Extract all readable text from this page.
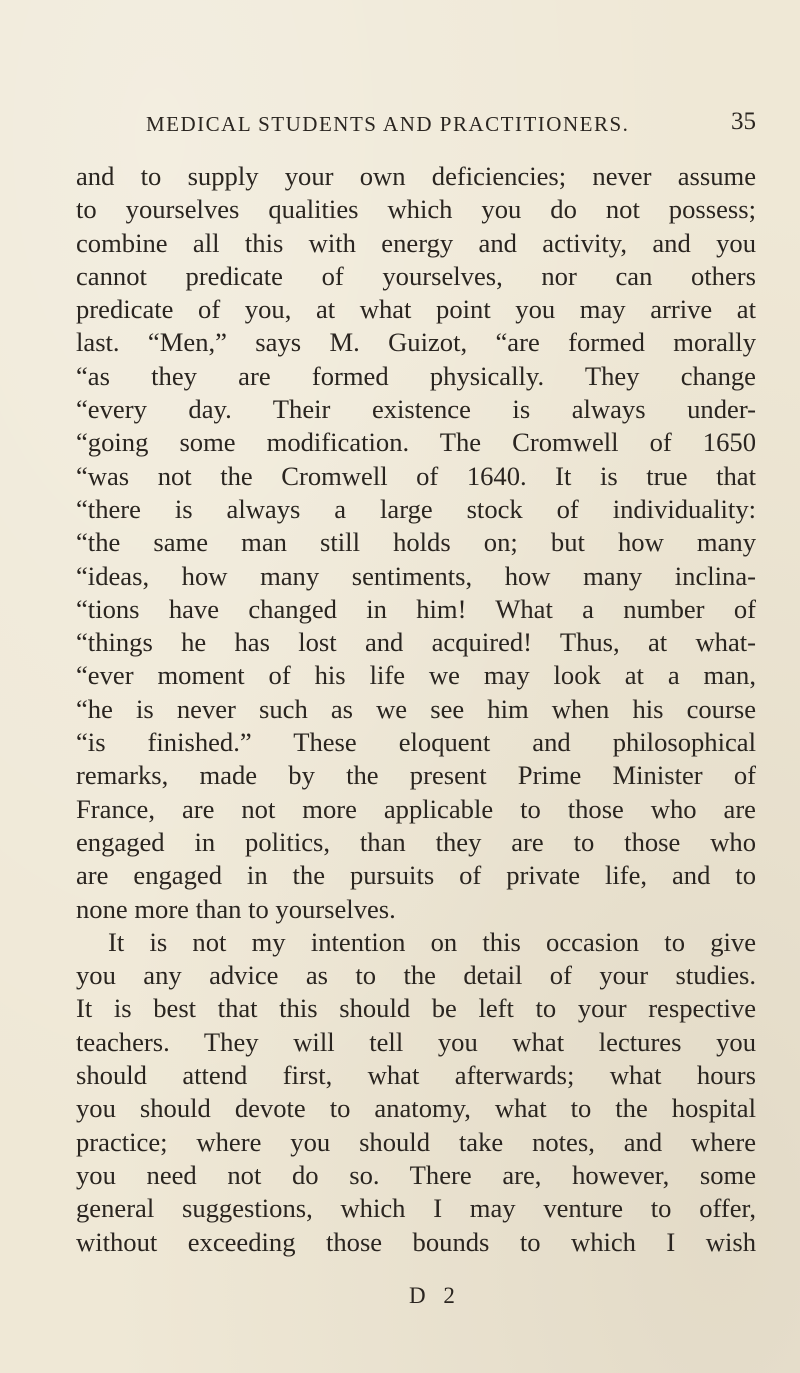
MEDICAL STUDENTS AND PRACTITIONERS.	35
and to supply your own deficiencies; never assume
to yourselves qualities which you do not possess;
combine all this with energy and activity, and you
cannot predicate of yourselves, nor can others
predicate of you, at what point you may arrive at
last. “Men,” says M. Guizot, “are formed morally
“as they are formed physically. They change
“every day. Their existence is always under-
“going some modification. The Cromwell of 1650
“was not the Cromwell of 1640. It is true that
“there is always a large stock of individuality:
“the same man still holds on; but how many
“ideas, how many sentiments, how many inclina-
“tions have changed in him! What a number of
“things he has lost and acquired! Thus, at what-
“ever moment of his life we may look at a man,
“he is never such as we see him when his course
“is finished.” These eloquent and philosophical
remarks, made by the present Prime Minister of
France, are not more applicable to those who are
engaged in politics, than they are to those who
are engaged in the pursuits of private life, and to
none more than to yourselves.
It is not my intention on this occasion to give
you any advice as to the detail of your studies.
It is best that this should be left to your respective
teachers. They will tell you what lectures you
should attend first, what afterwards; what hours
you should devote to anatomy, what to the hospital
practice; where you should take notes, and where
you need not do so. There are, however, some
general suggestions, which I may venture to offer,
without exceeding those bounds to which I wish
D 2
